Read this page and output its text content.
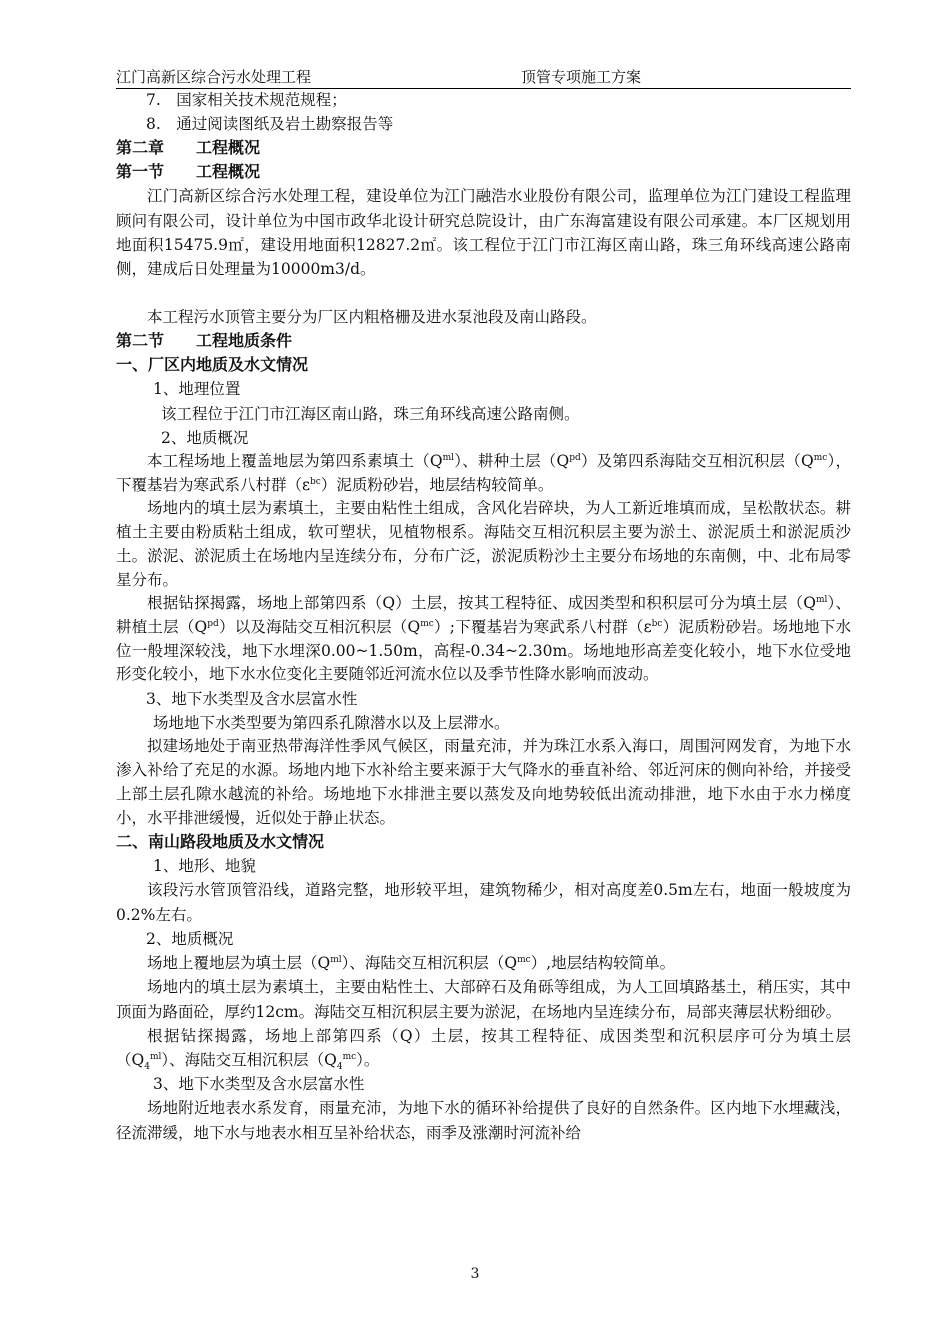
江门高新区综合污水处理工程	顶管专项施工方案

7.　国家相关技术规范规程；

8.　通过阅读图纸及岩土勘察报告等

第二章　　工程概况

第一节　　工程概况

江门高新区综合污水处理工程，建设单位为江门融浩水业股份有限公司，监理单位为江门建设工程监理顾问有限公司，设计单位为中国市政华北设计研究总院设计，由广东海富建设有限公司承建。本厂区规划用地面积15475.9㎡，建设用地面积12827.2㎡。该工程位于江门市江海区南山路，珠三角环线高速公路南侧，建成后日处理量为10000m3/d。

本工程污水顶管主要分为厂区内粗格栅及进水泵池段及南山路段。

第二节　　工程地质条件

一、厂区内地质及水文情况

1、地理位置

该工程位于江门市江海区南山路，珠三角环线高速公路南侧。

2、地质概况

本工程场地上覆盖地层为第四系素填土$(Q^{ml})$、耕种土层$(Q^{pd})$及第四系海陆交互相沉积层$(Q^{mc})$，下覆基岩为寒武系八村群$(\varepsilon^{bc})$泥质粉砂岩，地层结构较简单。

场地内的填土层为素填土，主要由粘性土组成，含风化岩碎块，为人工新近堆填而成，呈松散状态。耕植土主要由粉质粘土组成，软可塑状，见植物根系。海陆交互相沉积层主要为淤土、淤泥质土和淤泥质沙土。淤泥、淤泥质土在场地内呈连续分布，分布广泛，淤泥质粉沙土主要分布场地的东南侧，中、北布局零星分布。

根据钻探揭露，场地上部第四系（Q）土层，按其工程特征、成因类型和积积层可分为填土层$(Q^{ml})$、耕植土层$(Q^{pd})$以及海陆交互相沉积层$(Q^{mc})$;下覆基岩为寒武系八村群$(\varepsilon^{bc})$泥质粉砂岩。场地地下水位一般埋深较浅，地下水埋深0.00~1.50m，高程-0.34~2.30m。场地地形高差变化较小，地下水位受地形变化较小，地下水水位变化主要随邻近河流水位以及季节性降水影响而波动。

3、地下水类型及含水层富水性

场地地下水类型要为第四系孔隙潜水以及上层滞水。

拟建场地处于南亚热带海洋性季风气候区，雨量充沛，并为珠江水系入海口，周围河网发育，为地下水渗入补给了充足的水源。场地内地下水补给主要来源于大气降水的垂直补给、邻近河床的侧向补给，并接受上部土层孔隙水越流的补给。场地地下水排泄主要以蒸发及向地势较低出流动排泄，地下水由于水力梯度小，水平排泄缓慢，近似处于静止状态。

二、南山路段地质及水文情况

1、地形、地貌

该段污水管顶管沿线，道路完整，地形较平坦，建筑物稀少，相对高度差0.5m左右，地面一般坡度为0.2%左右。

2、地质概况

场地上覆地层为填土层$(Q^{ml})$、海陆交互相沉积层$(Q^{mc})$,地层结构较简单。

场地内的填土层为素填土，主要由粘性土、大部碎石及角砾等组成，为人工回填路基土，稍压实，其中顶面为路面砼，厚约12cm。海陆交互相沉积层主要为淤泥，在场地内呈连续分布，局部夹薄层状粉细砂。

根据钻探揭露，场地上部第四系（Q）土层，按其工程特征、成因类型和沉积层序可分为填土层$(Q_4^{ml})$、海陆交互相沉积层$(Q_4^{mc})$。

3、地下水类型及含水层富水性

场地附近地表水系发育，雨量充沛，为地下水的循环补给提供了良好的自然条件。区内地下水埋藏浅，径流滞缓，地下水与地表水相互呈补给状态，雨季及涨潮时河流补给

3
